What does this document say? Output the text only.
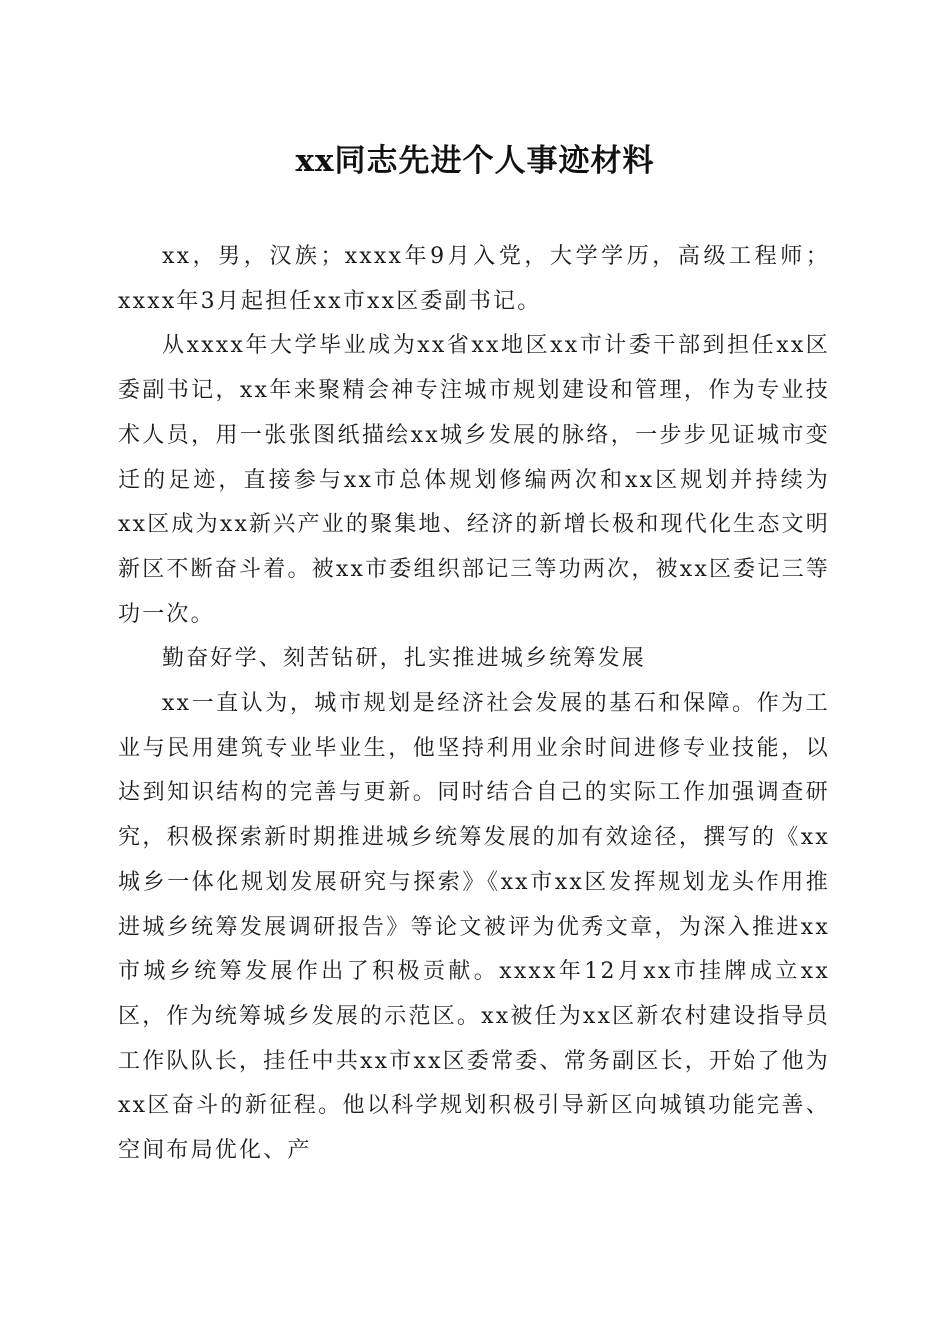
xx同志先进个人事迹材料

xx，男，汉族；xxxx年9月入党，大学学历，高级工程师；xxxx年3月起担任xx市xx区委副书记。

从xxxx年大学毕业成为xx省xx地区xx市计委干部到担任xx区委副书记，xx年来聚精会神专注城市规划建设和管理，作为专业技术人员，用一张张图纸描绘xx城乡发展的脉络，一步步见证城市变迁的足迹，直接参与xx市总体规划修编两次和xx区规划并持续为xx区成为xx新兴产业的聚集地、经济的新增长极和现代化生态文明新区不断奋斗着。被xx市委组织部记三等功两次，被xx区委记三等功一次。

勤奋好学、刻苦钻研，扎实推进城乡统筹发展

xx一直认为，城市规划是经济社会发展的基石和保障。作为工业与民用建筑专业毕业生，他坚持利用业余时间进修专业技能，以达到知识结构的完善与更新。同时结合自己的实际工作加强调查研究，积极探索新时期推进城乡统筹发展的加有效途径，撰写的《xx城乡一体化规划发展研究与探索》《xx市xx区发挥规划龙头作用推进城乡统筹发展调研报告》等论文被评为优秀文章，为深入推进xx市城乡统筹发展作出了积极贡献。xxxx年12月xx市挂牌成立xx区，作为统筹城乡发展的示范区。xx被任为xx区新农村建设指导员工作队队长，挂任中共xx市xx区委常委、常务副区长，开始了他为xx区奋斗的新征程。他以科学规划积极引导新区向城镇功能完善、空间布局优化、产
